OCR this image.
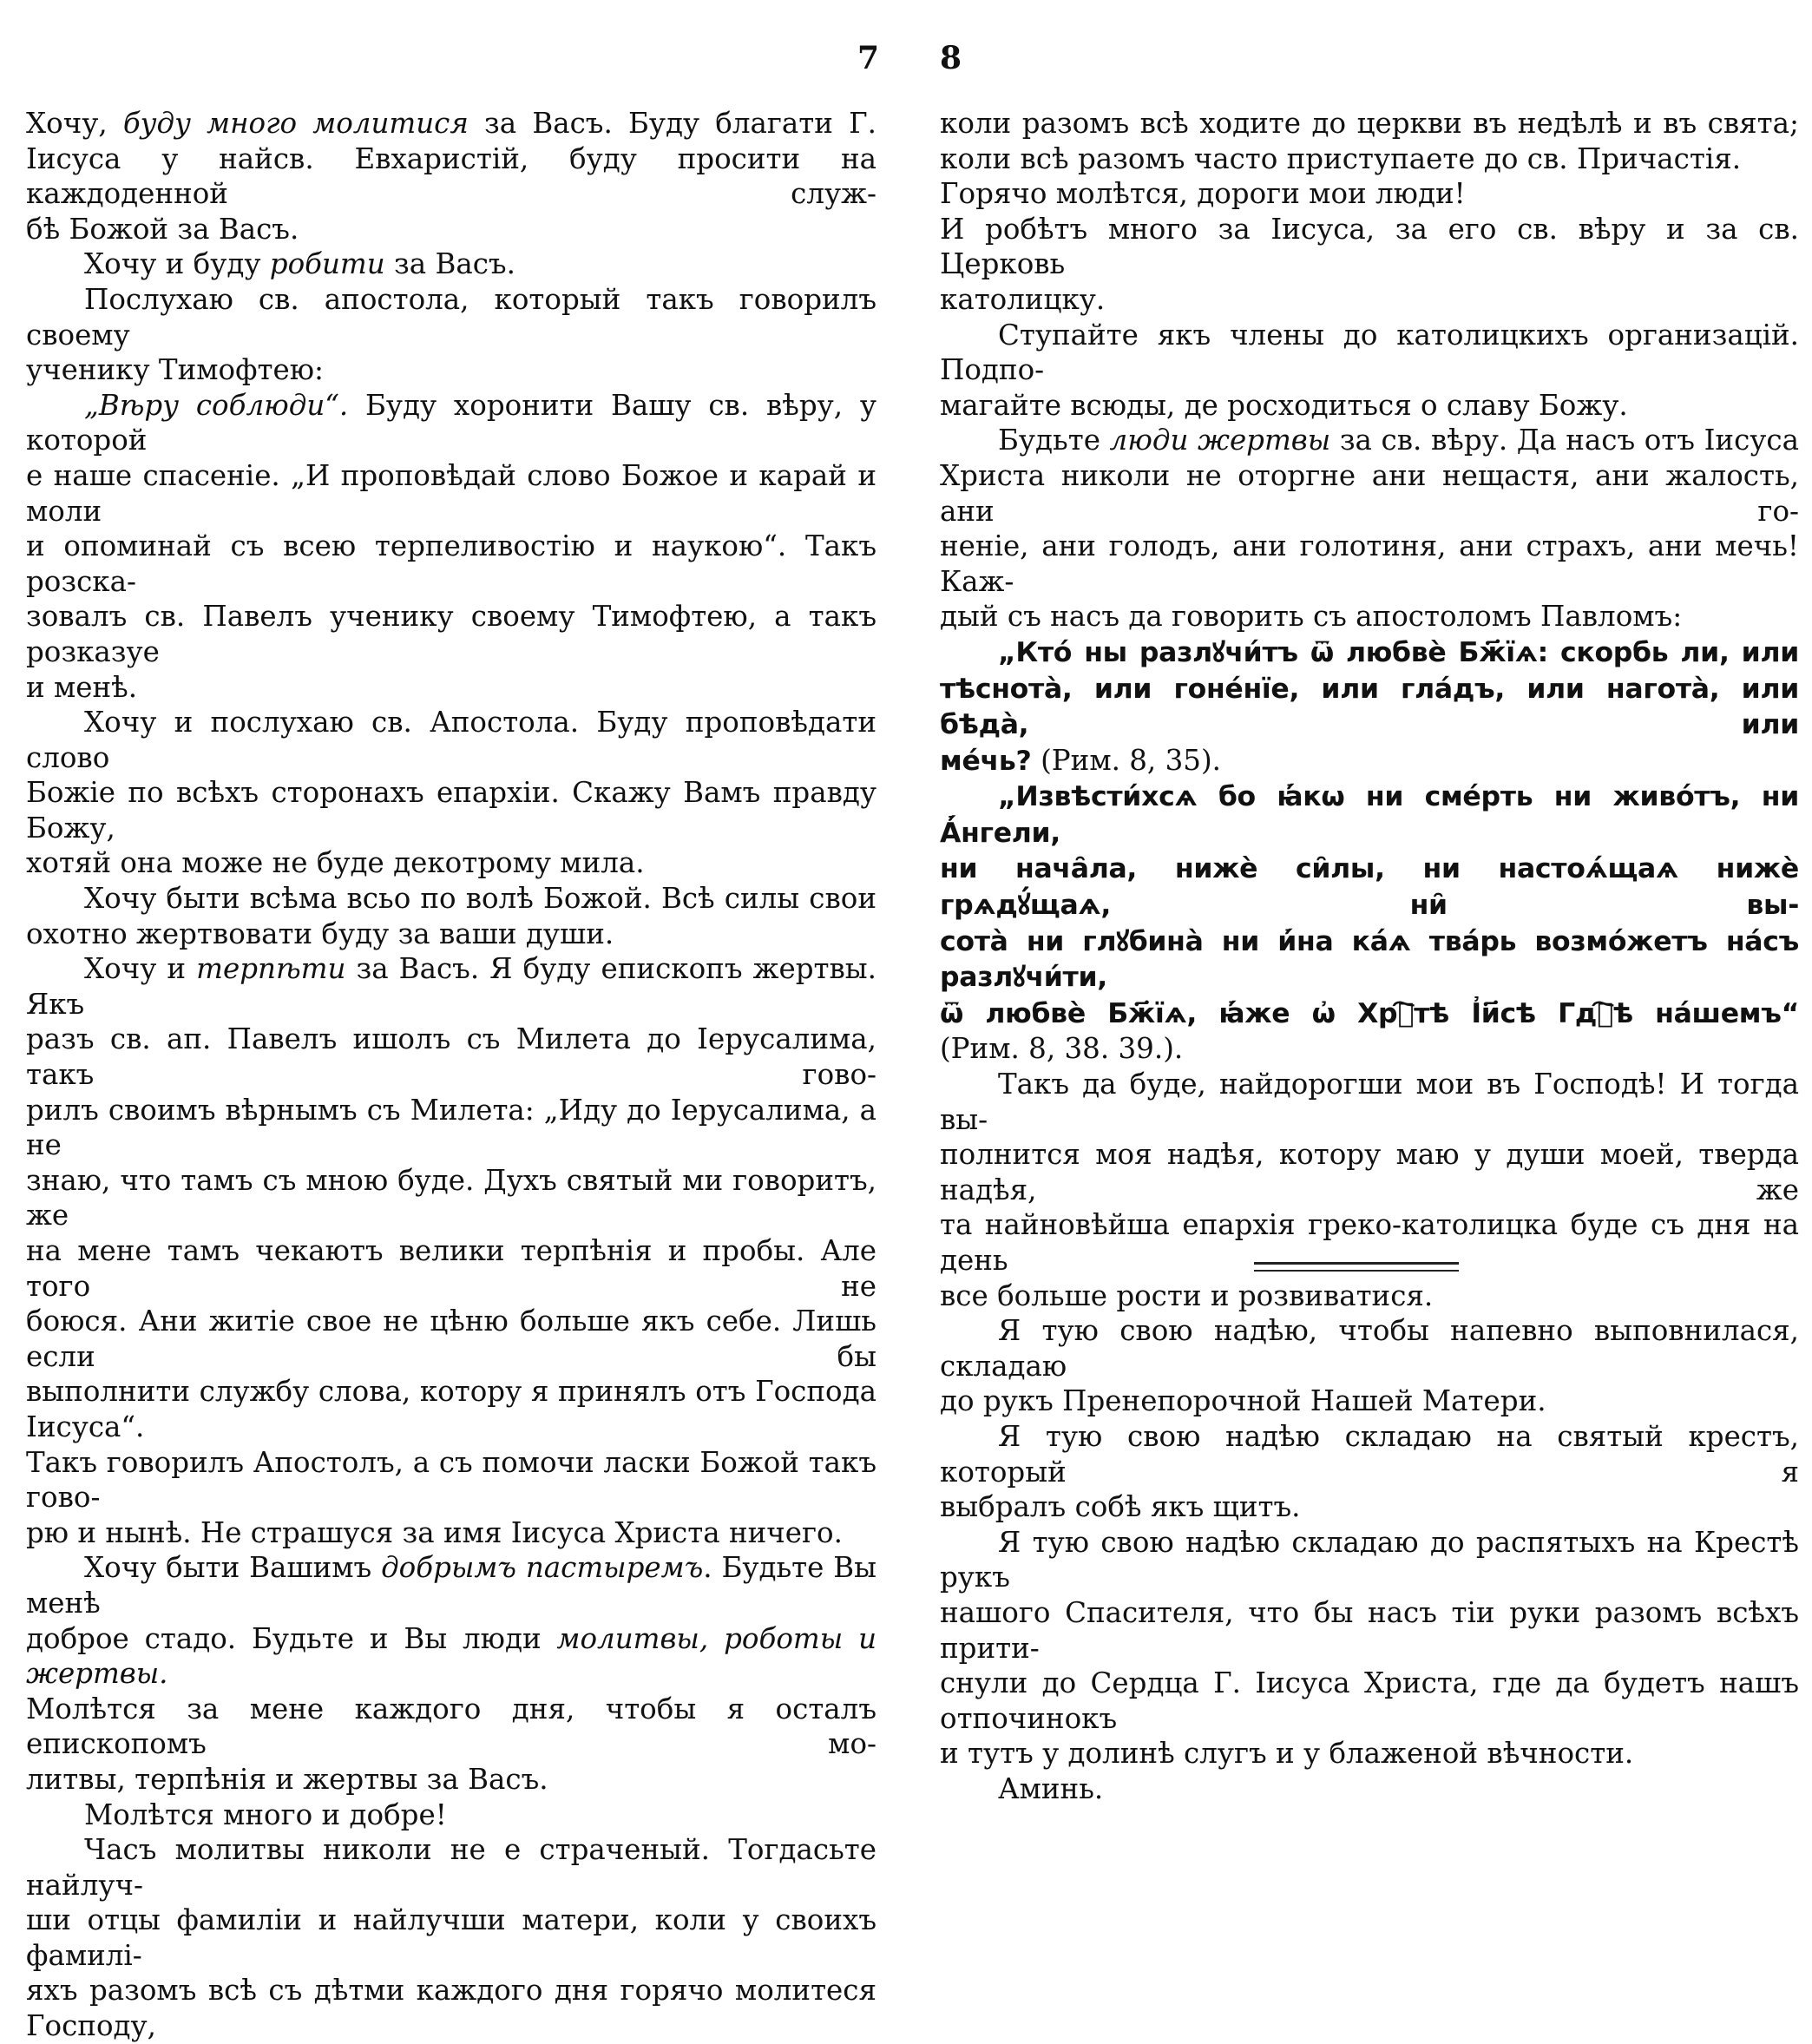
7 8

Хочу, буду много молитися за Васъ. Буду благати Г.

Іисуса у найсв. Евхаристій, буду просити на каждоденной служ-

бѣ Божой за Васъ.

Хочу и буду робити за Васъ.

Послухаю св. апостола, который такъ говорилъ своему

ученику Тимофтею:

„Вѣру соблюди“. Буду хоронити Вашу св. вѣру, у которой

е наше спасеніе. „И проповѣдай слово Божое и карай и моли

и опоминай съ всею терпеливостію и наукою“. Такъ розска-

зовалъ св. Павелъ ученику своему Тимофтею, а такъ розказуе

и менѣ.

Хочу и послухаю св. Апостола. Буду проповѣдати слово

Божіе по всѣхъ сторонахъ епархіи. Скажу Вамъ правду Божу,

хотяй она може не буде декотрому мила.

Хочу быти всѣма всьо по волѣ Божой. Всѣ силы свои

охотно жертвовати буду за ваши души.

Хочу и терпѣти за Васъ. Я буду епископъ жертвы. Якъ

разъ св. ап. Павелъ ишолъ съ Милета до Іерусалима, такъ гово-

рилъ своимъ вѣрнымъ съ Милета: „Иду до Іерусалима, а не

знаю, что тамъ съ мною буде. Духъ святый ми говоритъ, же

на мене тамъ чекаютъ велики терпѣнія и пробы. Але того не

боюся. Ани житіе свое не цѣню больше якъ себе. Лишь если бы

выполнити службу слова, котору я принялъ отъ Господа Іисуса“.

Такъ говорилъ Апостолъ, а съ помочи ласки Божой такъ гово-

рю и нынѣ. Не страшуся за имя Іисуса Христа ничего.

Хочу быти Вашимъ добрымъ пастыремъ. Будьте Вы менѣ

доброе стадо. Будьте и Вы люди молитвы, роботы и жертвы.

Молѣтся за мене каждого дня, чтобы я осталъ епископомъ мо-

литвы, терпѣнія и жертвы за Васъ.

Молѣтся много и добре!

Часъ молитвы николи не е страченый. Тогдасьте найлуч-

ши отцы фамиліи и найлучши матери, коли у своихъ фамилі-

яхъ разомъ всѣ съ дѣтми каждого дня горячо молитеся Господу,

коли разомъ всѣ ходите до церкви въ недѣлѣ и въ свята;

коли всѣ разомъ часто приступаете до св. Причастія.

Горячо молѣтся, дороги мои люди!

И робѣтъ много за Іисуса, за его св. вѣру и за св. Церковь

католицку.

Ступайте якъ члены до католицкихъ организацій. Подпо-

магайте всюды, де росходиться о славу Божу.

Будьте люди жертвы за св. вѣру. Да насъ отъ Іисуса

Христа николи не оторгне ани нещастя, ани жалость, ани го-

неніе, ани голодъ, ани голотиня, ани страхъ, ани мечь! Каж-

дый съ насъ да говорить съ апостоломъ Павломъ:

„Кто́ ны разлꙋчи́тъ ѿ любвѐ Бж҃їѧ: скорбь ли, или

тѣснота̀, или гоне́нїе, или гла́дъ, или нагота̀, или бѣда̀, или

ме́чь? (Рим. 8, 35).

„Извѣсти́хсѧ бо ꙗ҆́кѡ ни сме́рть ни живо́тъ, ни А҆́нгели,

ни нача̑ла, нижѐ си̑лы, ни настоѧ́щаѧ нижѐ грѧдꙋ́щаѧ, ни̑ вы-

сота̀ ни глꙋбина̀ ни и҆́на ка́ѧ тва́рь возмо́жетъ на́съ разлꙋчи́ти,

ѿ любвѐ Бж҃їѧ, ꙗ҆́же ѡ҆ Хрⷭ҇тѣ І҆и҃сѣ Гдⷭ҇ѣ на́шемъ“

(Рим. 8, 38. 39.).

Такъ да буде, найдорогши мои въ Господѣ! И тогда вы-

полнится моя надѣя, котору маю у души моей, тверда надѣя, же

та найновѣйша епархія греко-католицка буде съ дня на день

все больше рости и розвиватися.

Я тую свою надѣю, чтобы напевно выповнилася, складаю

до рукъ Пренепорочной Нашей Матери.

Я тую свою надѣю складаю на святый крестъ, который я

выбралъ собѣ якъ щитъ.

Я тую свою надѣю складаю до распятыхъ на Крестѣ рукъ

нашого Спасителя, что бы насъ тіи руки разомъ всѣхъ прити-

снули до Сердца Г. Іисуса Христа, где да будетъ нашъ отпочинокъ

и тутъ у долинѣ слугъ и у блаженой вѣчности.

Аминь.
